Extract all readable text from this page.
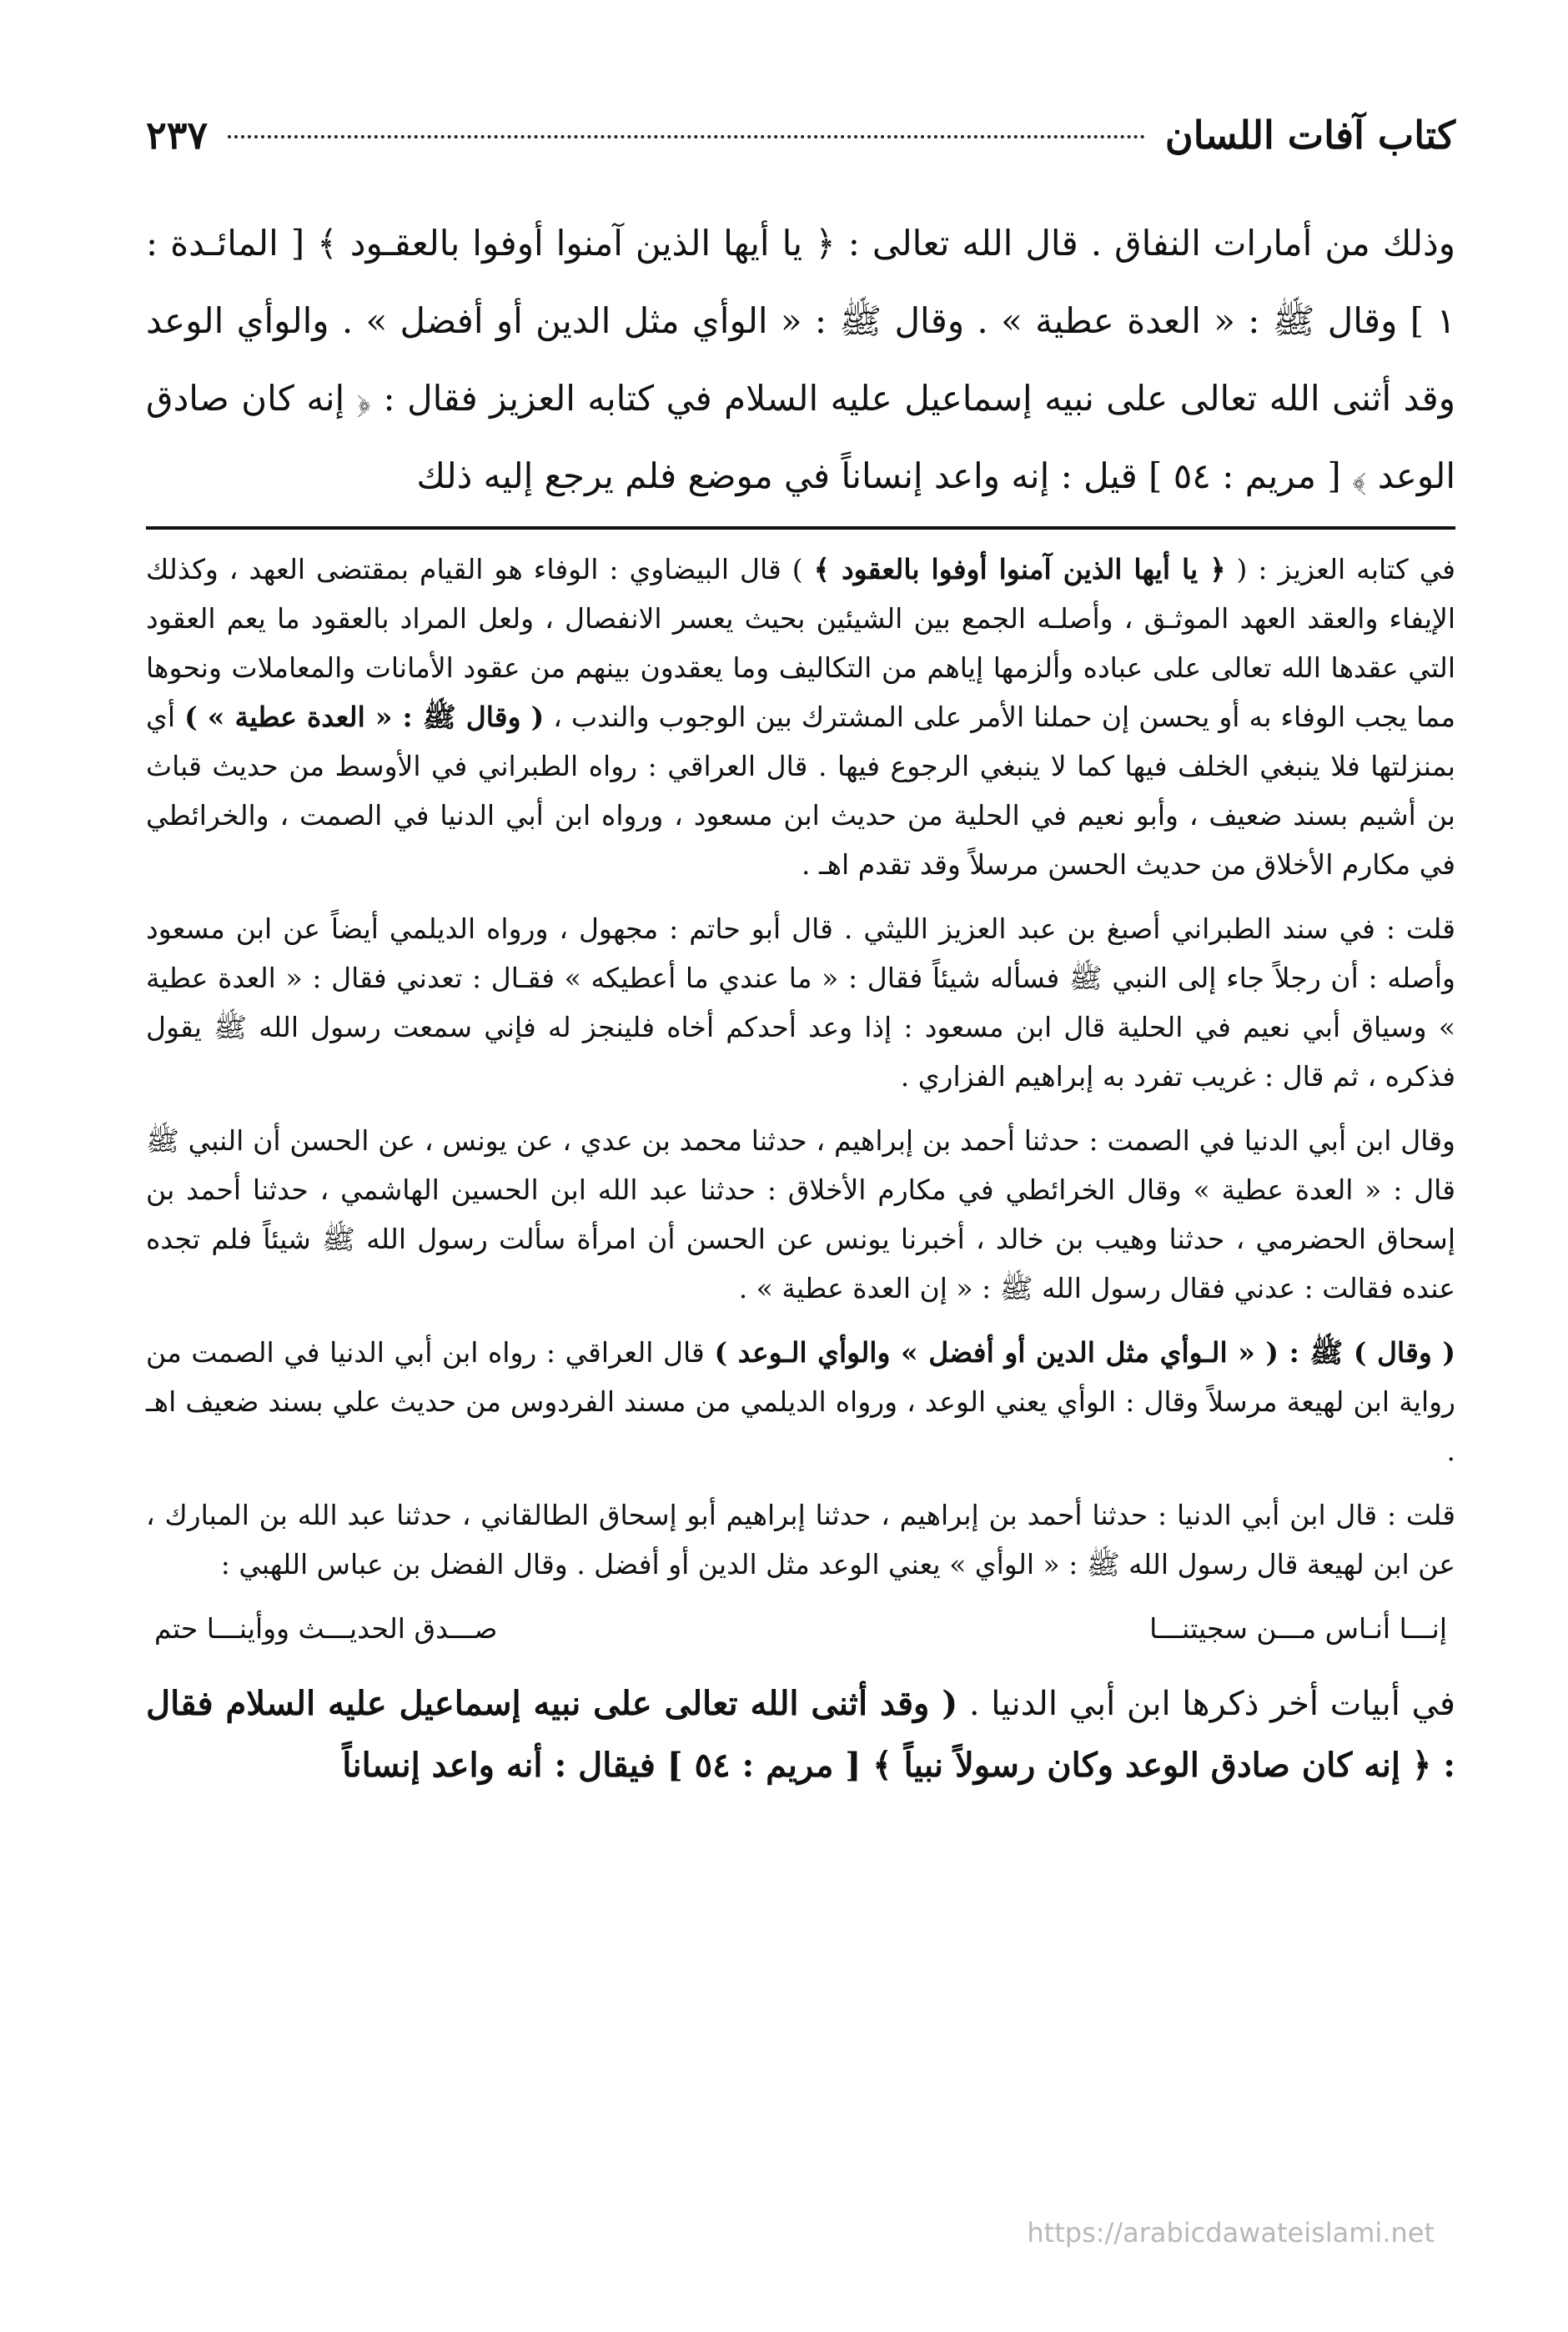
كتاب آفات اللسان
٢٣٧

وذلك من أمارات النفاق . قال الله تعالى : ﴿ يا أيها الذين آمنوا أوفوا بالعقـود ﴾ [ المائـدة : ١ ] وقال ﷺ : « العدة عطية » . وقال ﷺ : « الوأي مثل الدين أو أفضل » . والوأي الوعد وقد أثنى الله تعالى على نبيه إسماعيل عليه السلام في كتابه العزيز فقال : ﴿ إنه كان صادق الوعد ﴾ [ مريم : ٥٤ ] قيل : إنه واعد إنساناً في موضع فلم يرجع إليه ذلك

في كتابه العزيز : ( ﴿ يا أيها الذين آمنوا أوفوا بالعقود ﴾ ) قال البيضاوي : الوفاء هو القيام بمقتضى العهد ، وكذلك الإيفاء والعقد العهد الموثـق ، وأصلـه الجمع بين الشيئين بحيث يعسر الانفصال ، ولعل المراد بالعقود ما يعم العقود التي عقدها الله تعالى على عباده وألزمها إياهم من التكاليف وما يعقدون بينهم من عقود الأمانات والمعاملات ونحوها مما يجب الوفاء به أو يحسن إن حملنا الأمر على المشترك بين الوجوب والندب ، ( وقال ﷺ : « العدة عطية » ) أي بمنزلتها فلا ينبغي الخلف فيها كما لا ينبغي الرجوع فيها . قال العراقي : رواه الطبراني في الأوسط من حديث قباث بن أشيم بسند ضعيف ، وأبو نعيم في الحلية من حديث ابن مسعود ، ورواه ابن أبي الدنيا في الصمت ، والخرائطي في مكارم الأخلاق من حديث الحسن مرسلاً وقد تقدم اهـ .

قلت : في سند الطبراني أصبغ بن عبد العزيز الليثي . قال أبو حاتم : مجهول ، ورواه الديلمي أيضاً عن ابن مسعود وأصله : أن رجلاً جاء إلى النبي ﷺ فسأله شيئاً فقال : « ما عندي ما أعطيكه » فقـال : تعدني فقال : « العدة عطية » وسياق أبي نعيم في الحلية قال ابن مسعود : إذا وعد أحدكم أخاه فلينجز له فإني سمعت رسول الله ﷺ يقول فذكره ، ثم قال : غريب تفرد به إبراهيم الفزاري .

وقال ابن أبي الدنيا في الصمت : حدثنا أحمد بن إبراهيم ، حدثنا محمد بن عدي ، عن يونس ، عن الحسن أن النبي ﷺ قال : « العدة عطية » وقال الخرائطي في مكارم الأخلاق : حدثنا عبد الله ابن الحسين الهاشمي ، حدثنا أحمد بن إسحاق الحضرمي ، حدثنا وهيب بن خالد ، أخبرنا يونس عن الحسن أن امرأة سألت رسول الله ﷺ شيئاً فلم تجده عنده فقالت : عدني فقال رسول الله ﷺ : « إن العدة عطية » .

( وقال ) ﷺ : ( « الـوأي مثل الدين أو أفضل » والوأي الـوعد ) قال العراقي : رواه ابن أبي الدنيا في الصمت من رواية ابن لهيعة مرسلاً وقال : الوأي يعني الوعد ، ورواه الديلمي من مسند الفردوس من حديث علي بسند ضعيف اهـ .

قلت : قال ابن أبي الدنيا : حدثنا أحمد بن إبراهيم ، حدثنا إبراهيم أبو إسحاق الطالقاني ، حدثنا عبد الله بن المبارك ، عن ابن لهيعة قال رسول الله ﷺ : « الوأي » يعني الوعد مثل الدين أو أفضل . وقال الفضل بن عباس اللهبي :

إنـــا أنـاس مـــن سجيتنـــا
صـــدق الحديـــث ووأينـــا حتم

في أبيات أخر ذكرها ابن أبي الدنيا . ( وقد أثنى الله تعالى على نبيه إسماعيل عليه السلام فقال : ﴿ إنه كان صادق الوعد وكان رسولاً نبياً ﴾ [ مريم : ٥٤ ] فيقال : أنه واعد إنساناً

https://arabicdawateislami.net
